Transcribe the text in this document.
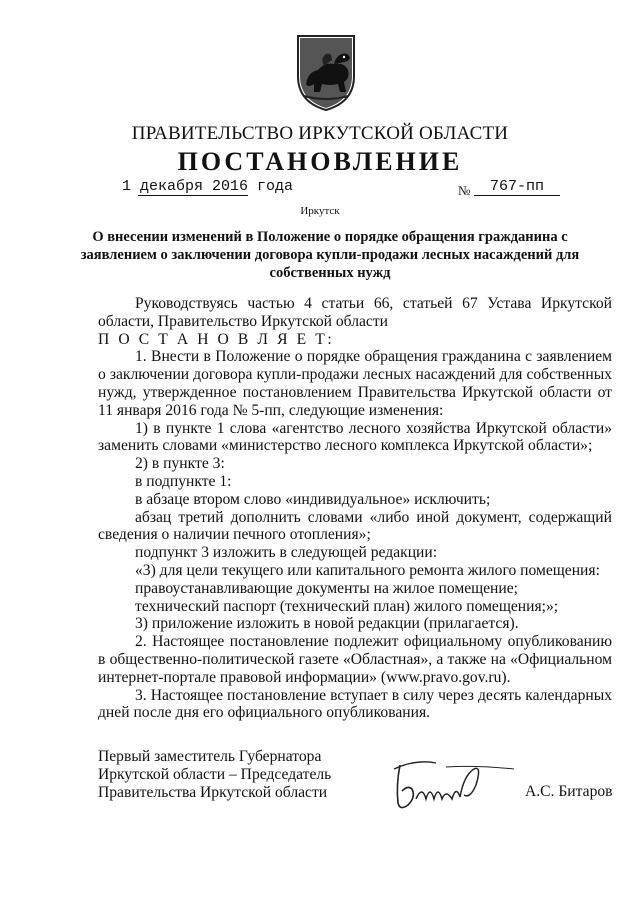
ПРАВИТЕЛЬСТВО ИРКУТСКОЙ ОБЛАСТИ
ПОСТАНОВЛЕНИЕ
1 декабря 2016 года	№	767-пп
Иркутск
О внесении изменений в Положение о порядке обращения гражданина с заявлением о заключении договора купли-продажи лесных насаждений для собственных нужд

Руководствуясь частью 4 статьи 66, статьей 67 Устава Иркутской области, Правительство Иркутской области

П О С Т А Н О В Л Я Е Т:

1. Внести в Положение о порядке обращения гражданина с заявлением о заключении договора купли-продажи лесных насаждений для собственных нужд, утвержденное постановлением Правительства Иркутской области от 11 января 2016 года № 5-пп, следующие изменения:

1) в пункте 1 слова «агентство лесного хозяйства Иркутской области» заменить словами «министерство лесного комплекса Иркутской области»;

2) в пункте 3:

в подпункте 1:

в абзаце втором слово «индивидуальное» исключить;

абзац третий дополнить словами «либо иной документ, содержащий сведения о наличии печного отопления»;

подпункт 3 изложить в следующей редакции:

«3) для цели текущего или капитального ремонта жилого помещения:

правоустанавливающие документы на жилое помещение;

технический паспорт (технический план) жилого помещения;»;

3) приложение изложить в новой редакции (прилагается).

2. Настоящее постановление подлежит официальному опубликованию в общественно-политической газете «Областная», а также на «Официальном интернет-портале правовой информации» (www.pravo.gov.ru).

3. Настоящее постановление вступает в силу через десять календарных дней после дня его официального опубликования.

Первый заместитель Губернатора
Иркутской области – Председатель
Правительства Иркутской области	А.С. Битаров
